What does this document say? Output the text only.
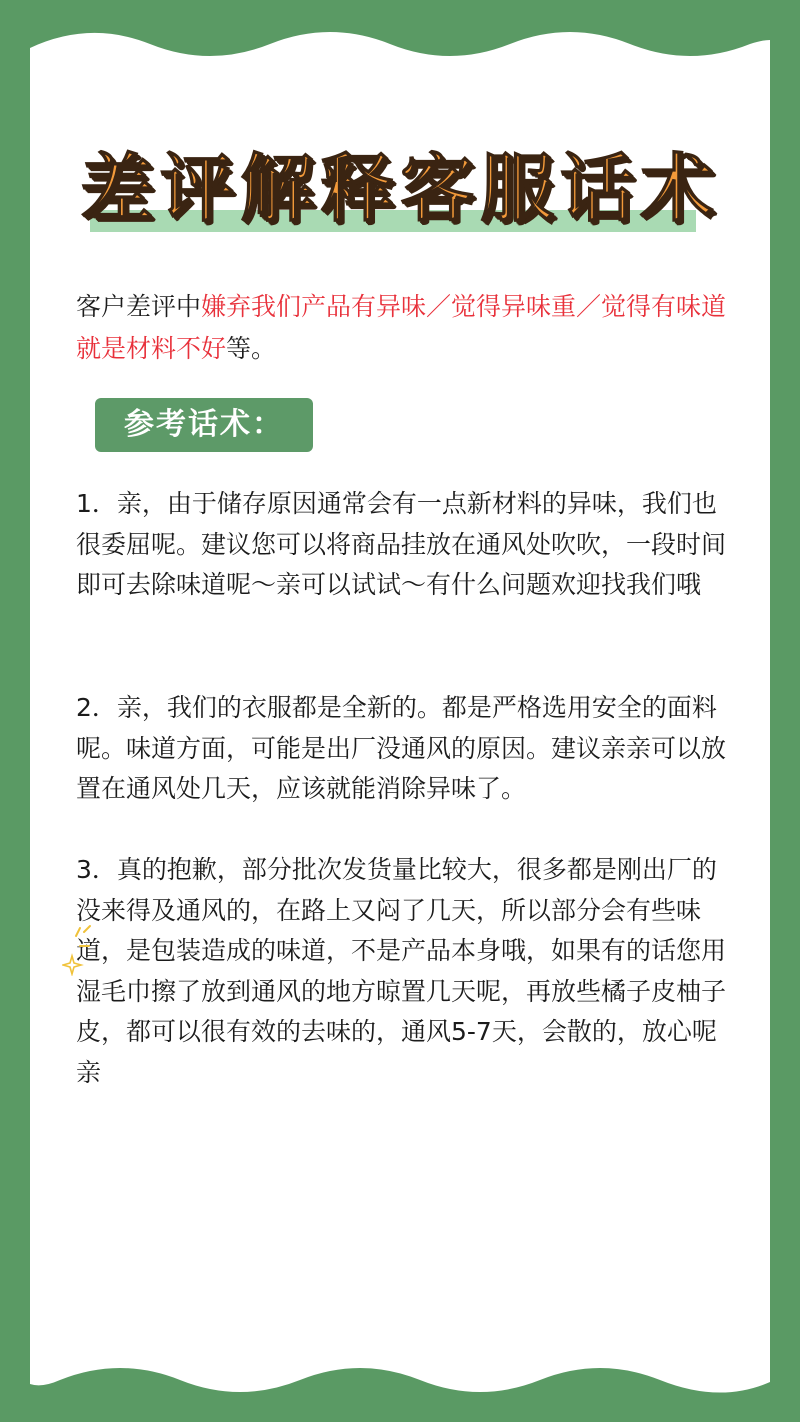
差评解释客服话术
客户差评中嫌弃我们产品有异味／觉得异味重／觉得有味道就是材料不好等。
参考话术：

1．亲，由于储存原因通常会有一点新材料的异味，我们也很委屈呢。建议您可以将商品挂放在通风处吹吹，一段时间即可去除味道呢～亲可以试试～有什么问题欢迎找我们哦

2．亲，我们的衣服都是全新的。都是严格选用安全的面料呢。味道方面，可能是出厂没通风的原因。建议亲亲可以放置在通风处几天，应该就能消除异味了。

3．真的抱歉，部分批次发货量比较大，很多都是刚出厂的没来得及通风的，在路上又闷了几天，所以部分会有些味道，是包装造成的味道，不是产品本身哦，如果有的话您用湿毛巾擦了放到通风的地方晾置几天呢，再放些橘子皮柚子皮，都可以很有效的去味的，通风5-7天，会散的，放心呢亲
